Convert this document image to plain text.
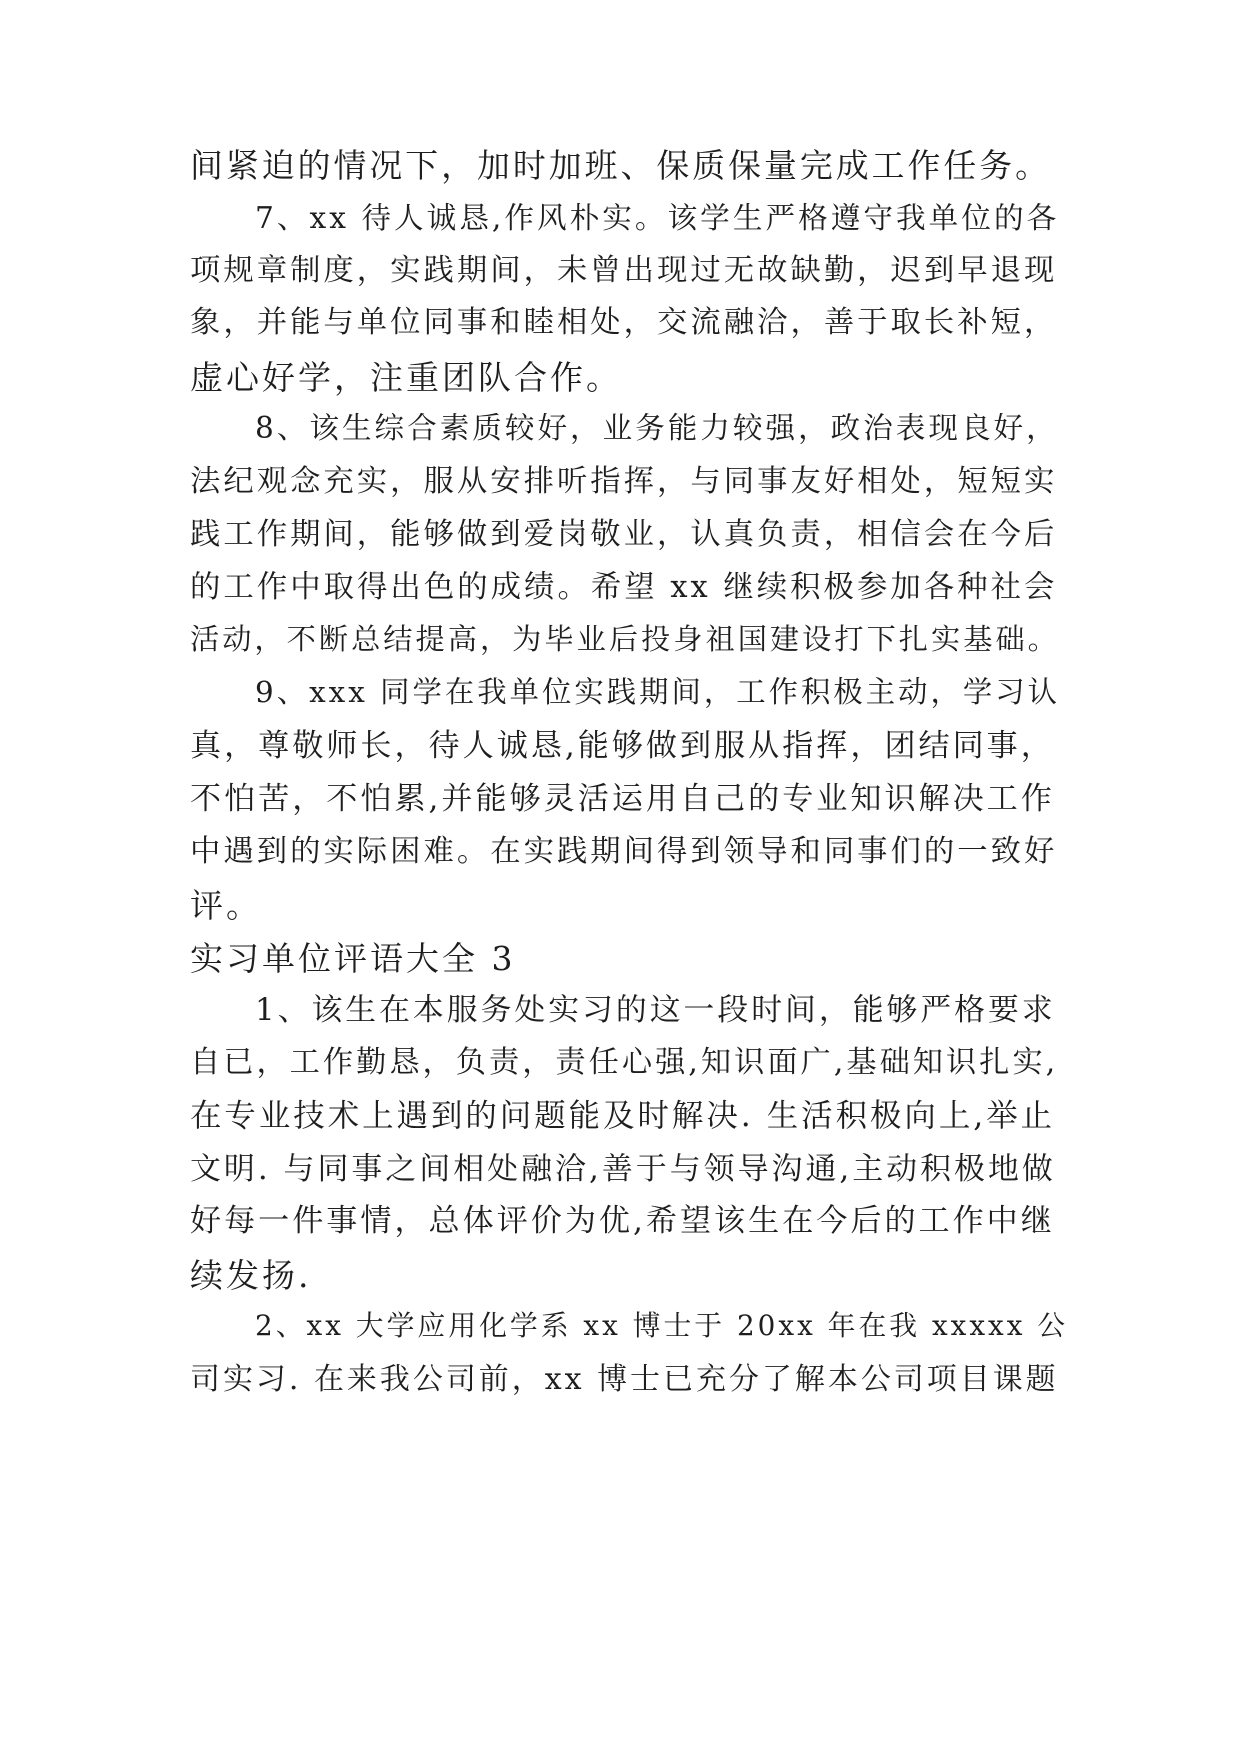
间紧迫的情况下，加时加班、保质保量完成工作任务。

7、xx 待人诚恳,作风朴实。该学生严格遵守我单位的各

项规章制度，实践期间，未曾出现过无故缺勤，迟到早退现

象，并能与单位同事和睦相处，交流融洽，善于取长补短，

虚心好学，注重团队合作。

8、该生综合素质较好，业务能力较强，政治表现良好，

法纪观念充实，服从安排听指挥，与同事友好相处，短短实

践工作期间，能够做到爱岗敬业，认真负责，相信会在今后

的工作中取得出色的成绩。希望 xx 继续积极参加各种社会

活动，不断总结提高，为毕业后投身祖国建设打下扎实基础。

9、xxx 同学在我单位实践期间，工作积极主动，学习认

真，尊敬师长，待人诚恳,能够做到服从指挥，团结同事，

不怕苦，不怕累,并能够灵活运用自己的专业知识解决工作

中遇到的实际困难。在实践期间得到领导和同事们的一致好

评。

实习单位评语大全 3

1、该生在本服务处实习的这一段时间，能够严格要求

自已，工作勤恳，负责，责任心强,知识面广,基础知识扎实,

在专业技术上遇到的问题能及时解决. 生活积极向上,举止

文明. 与同事之间相处融洽,善于与领导沟通,主动积极地做

好每一件事情，总体评价为优,希望该生在今后的工作中继

续发扬.

2、xx 大学应用化学系 xx 博士于 20xx 年在我 xxxxx 公

司实习. 在来我公司前，xx 博士已充分了解本公司项目课题
